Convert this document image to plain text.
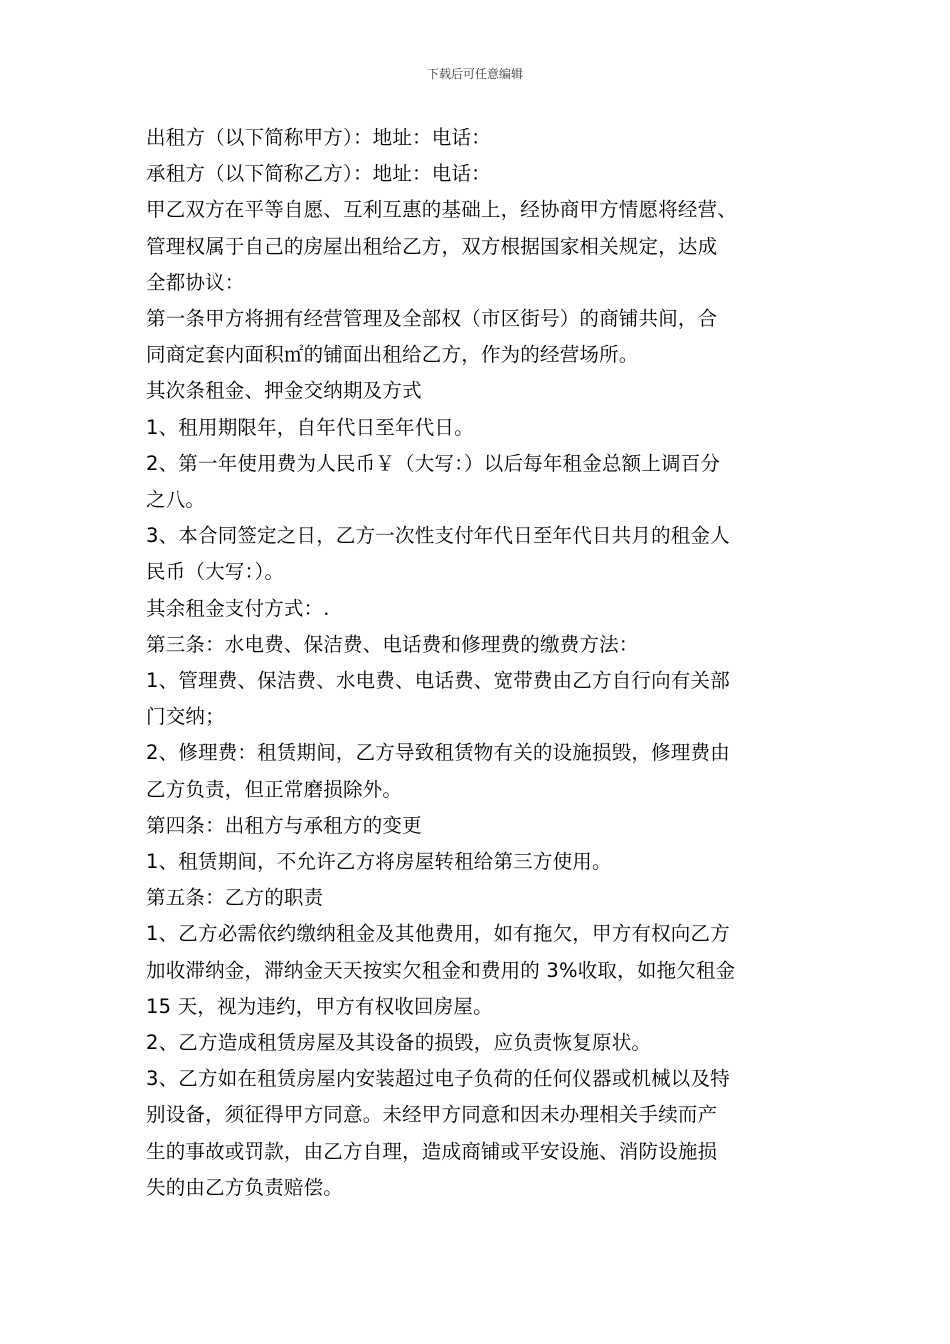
下载后可任意编辑
出租方（以下简称甲方）：地址：电话：
承租方（以下简称乙方）：地址：电话：
甲乙双方在平等自愿、互利互惠的基础上，经协商甲方情愿将经营、
管理权属于自己的房屋出租给乙方，双方根据国家相关规定，达成
全都协议：
第一条甲方将拥有经营管理及全部权（市区街号）的商铺共间，合
同商定套内面积㎡的铺面出租给乙方，作为的经营场所。
其次条租金、押金交纳期及方式
1、租用期限年，自年代日至年代日。
2、第一年使用费为人民币￥（大写：）以后每年租金总额上调百分
之八。
3、本合同签定之日，乙方一次性支付年代日至年代日共月的租金人
民币（大写：）。
其余租金支付方式：.
第三条：水电费、保洁费、电话费和修理费的缴费方法：
1、管理费、保洁费、水电费、电话费、宽带费由乙方自行向有关部
门交纳；
2、修理费：租赁期间，乙方导致租赁物有关的设施损毁，修理费由
乙方负责，但正常磨损除外。
第四条：出租方与承租方的变更
1、租赁期间，不允许乙方将房屋转租给第三方使用。
第五条：乙方的职责
1、乙方必需依约缴纳租金及其他费用，如有拖欠，甲方有权向乙方
加收滞纳金，滞纳金天天按实欠租金和费用的 3%收取，如拖欠租金
15 天，视为违约，甲方有权收回房屋。
2、乙方造成租赁房屋及其设备的损毁，应负责恢复原状。
3、乙方如在租赁房屋内安装超过电子负荷的任何仪器或机械以及特
别设备，须征得甲方同意。未经甲方同意和因未办理相关手续而产
生的事故或罚款，由乙方自理，造成商铺或平安设施、消防设施损
失的由乙方负责赔偿。
